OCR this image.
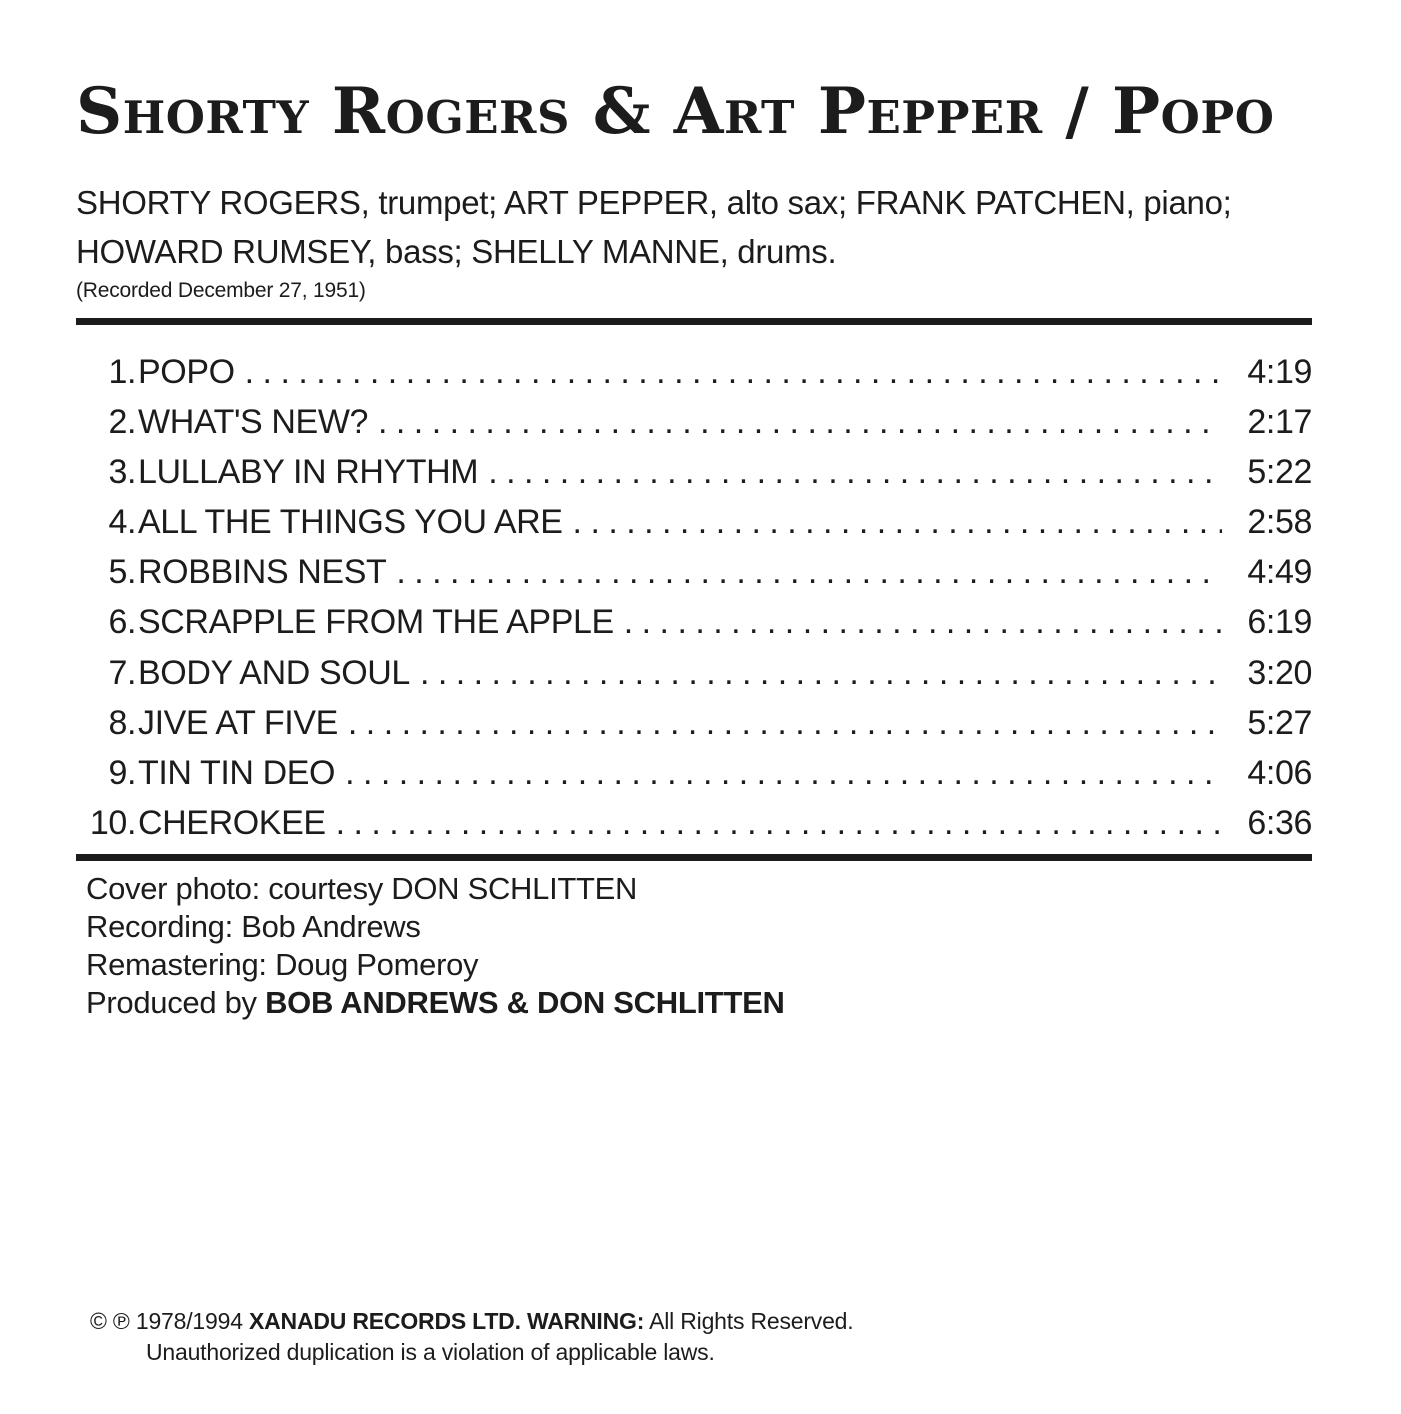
Shorty Rogers & Art Pepper / Popo
SHORTY ROGERS, trumpet; ART PEPPER, alto sax; FRANK PATCHEN, piano;
HOWARD RUMSEY, bass; SHELLY MANNE, drums.
(Recorded December 27, 1951)
1. POPO . . .	4:19
2. WHAT'S NEW? . . .	2:17
3. LULLABY IN RHYTHM . . .	5:22
4. ALL THE THINGS YOU ARE . . .	2:58
5. ROBBINS NEST . . .	4:49
6. SCRAPPLE FROM THE APPLE . . .	6:19
7. BODY AND SOUL . . .	3:20
8. JIVE AT FIVE . . .	5:27
9. TIN TIN DEO . . .	4:06
10. CHEROKEE . . .	6:36
Cover photo: courtesy DON SCHLITTEN
Recording: Bob Andrews
Remastering: Doug Pomeroy
Produced by BOB ANDREWS & DON SCHLITTEN
© ℗ 1978/1994 XANADU RECORDS LTD. WARNING: All Rights Reserved.
Unauthorized duplication is a violation of applicable laws.
